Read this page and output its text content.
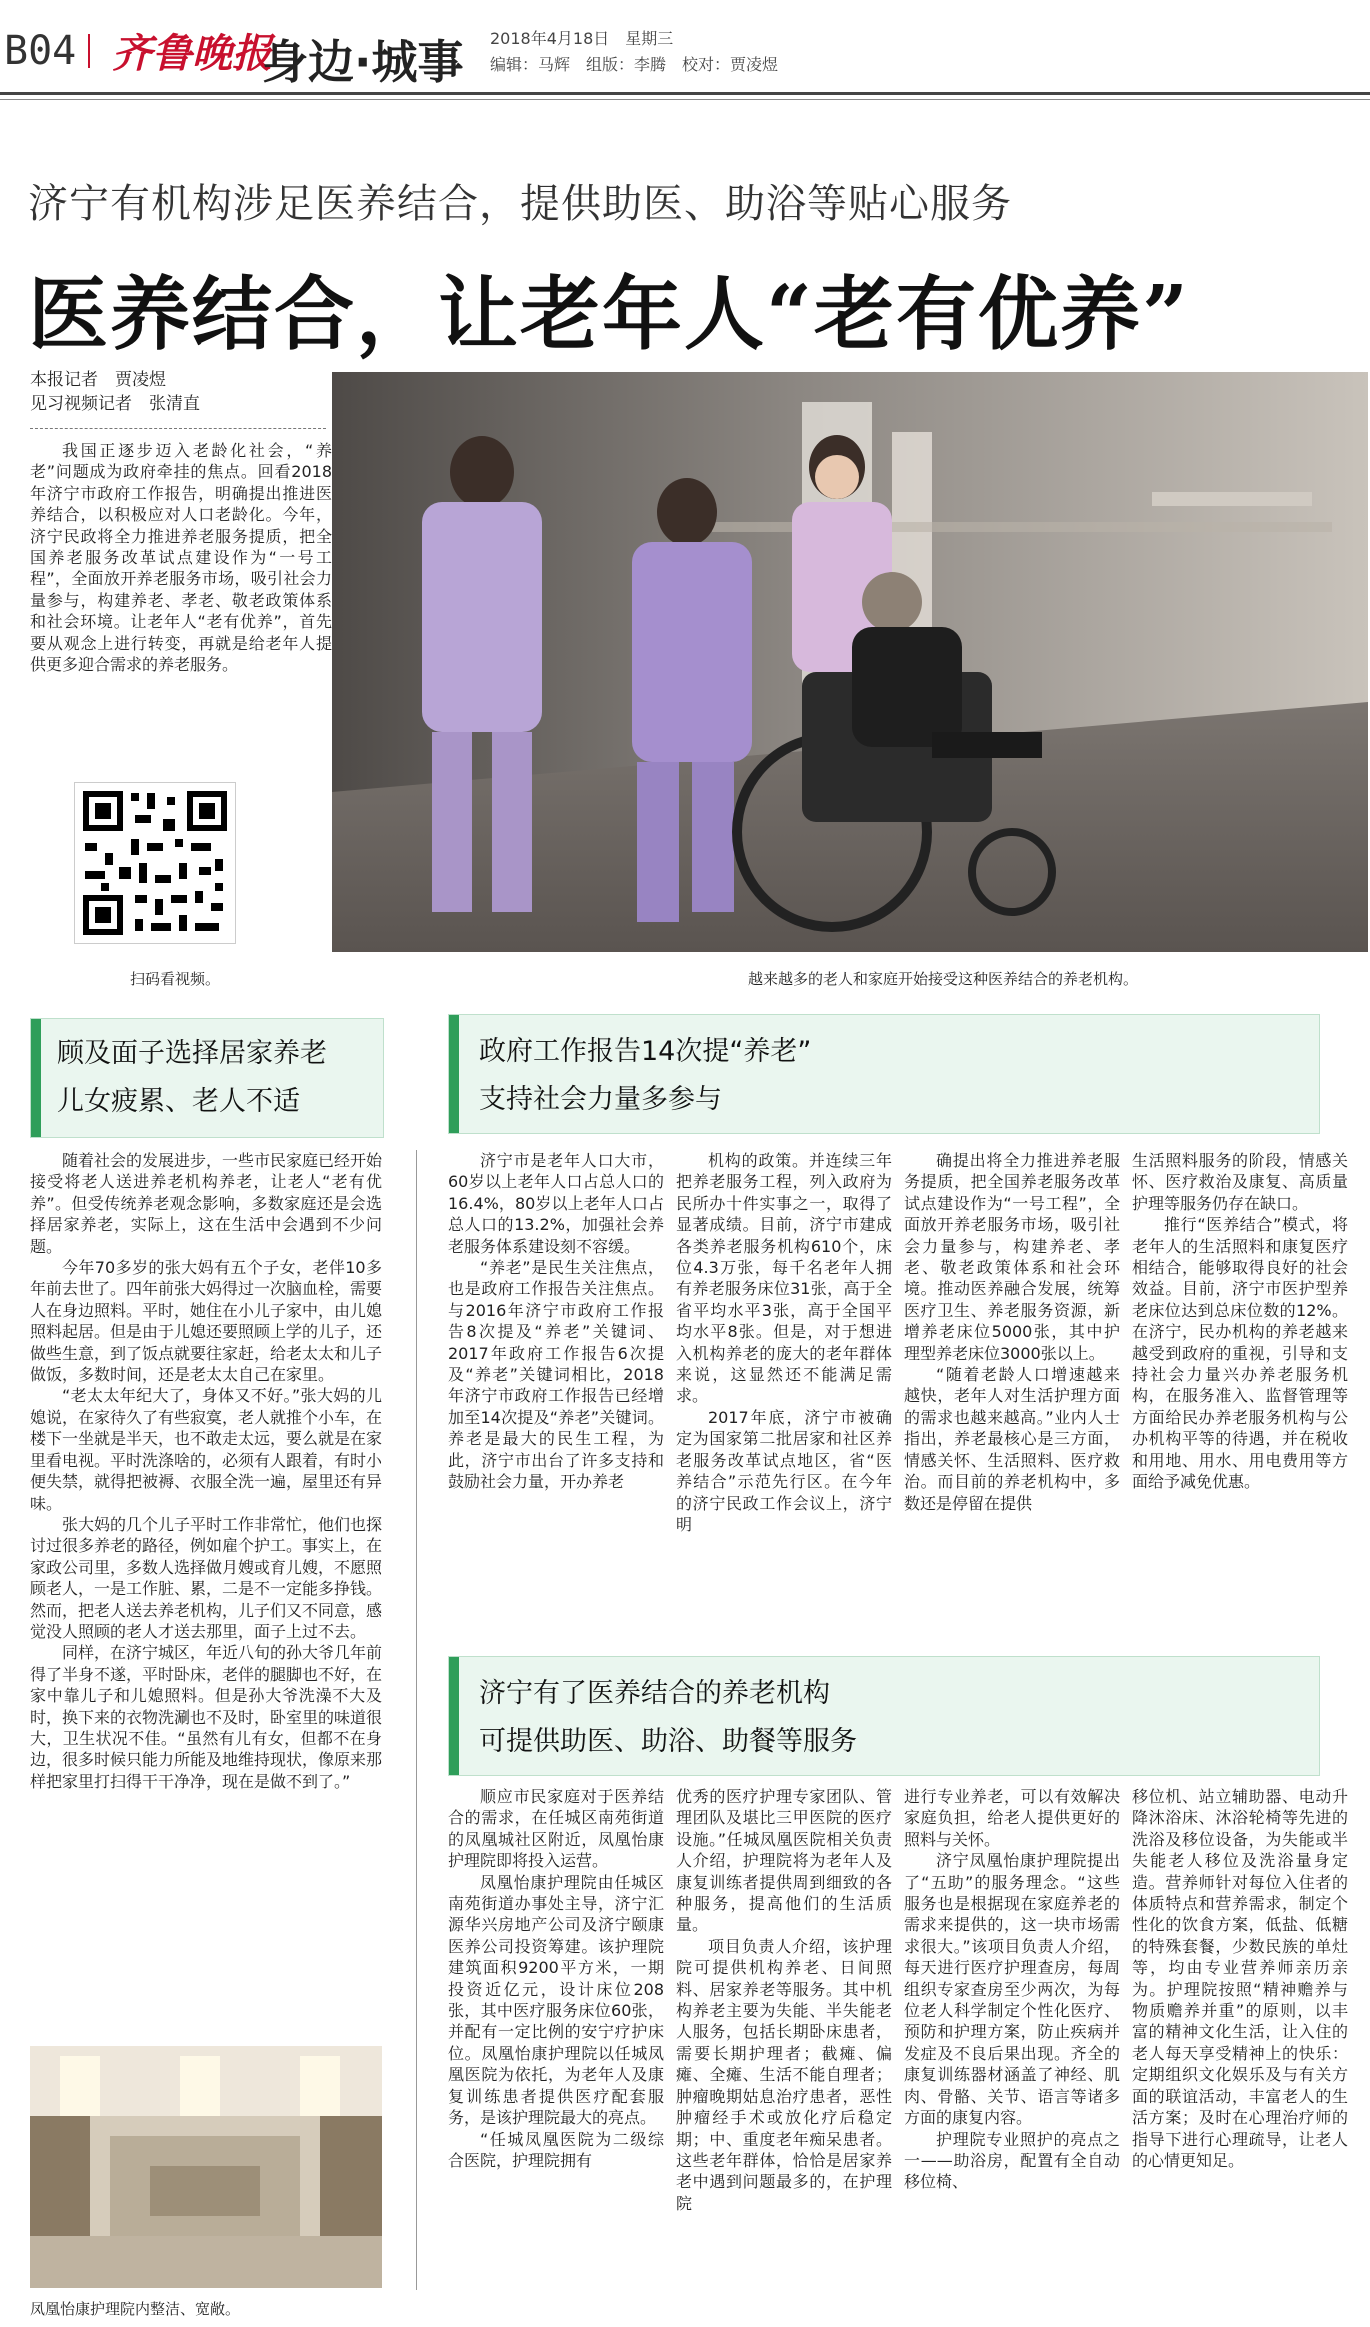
B04 齐鲁晚报
身边·城事 2018年4月18日　星期三
编辑：马辉　组版：李腾　校对：贾凌煜
济宁有机构涉足医养结合，提供助医、助浴等贴心服务
医养结合，让老年人“老有优养”
本报记者　贾凌煜
见习视频记者　张清直
我国正逐步迈入老龄化社会，“养老”问题成为政府牵挂的焦点。回看2018年济宁市政府工作报告，明确提出推进医养结合，以积极应对人口老龄化。今年，济宁民政将全力推进养老服务提质，把全国养老服务改革试点建设作为“一号工程”，全面放开养老服务市场，吸引社会力量参与，构建养老、孝老、敬老政策体系和社会环境。让老年人“老有优养”，首先要从观念上进行转变，再就是给老年人提供更多迎合需求的养老服务。
扫码看视频。	越来越多的老人和家庭开始接受这种医养结合的养老机构。
顾及面子选择居家养老
儿女疲累、老人不适
政府工作报告14次提“养老”
支持社会力量多参与
济宁有了医养结合的养老机构
可提供助医、助浴、助餐等服务

随着社会的发展进步，一些市民家庭已经开始接受将老人送进养老机构养老，让老人“老有优养”。但受传统养老观念影响，多数家庭还是会选择居家养老，实际上，这在生活中会遇到不少问题。

今年70多岁的张大妈有五个子女，老伴10多年前去世了。四年前张大妈得过一次脑血栓，需要人在身边照料。平时，她住在小儿子家中，由儿媳照料起居。但是由于儿媳还要照顾上学的儿子，还做些生意，到了饭点就要往家赶，给老太太和儿子做饭，多数时间，还是老太太自己在家里。

“老太太年纪大了，身体又不好。”张大妈的儿媳说，在家待久了有些寂寞，老人就推个小车，在楼下一坐就是半天，也不敢走太远，要么就是在家里看电视。平时洗涤啥的，必须有人跟着，有时小便失禁，就得把被褥、衣服全洗一遍，屋里还有异味。

张大妈的几个儿子平时工作非常忙，他们也探讨过很多养老的路径，例如雇个护工。事实上，在家政公司里，多数人选择做月嫂或育儿嫂，不愿照顾老人，一是工作脏、累，二是不一定能多挣钱。然而，把老人送去养老机构，儿子们又不同意，感觉没人照顾的老人才送去那里，面子上过不去。

同样，在济宁城区，年近八旬的孙大爷几年前得了半身不遂，平时卧床，老伴的腿脚也不好，在家中靠儿子和儿媳照料。但是孙大爷洗澡不大及时，换下来的衣物洗涮也不及时，卧室里的味道很大，卫生状况不佳。“虽然有儿有女，但都不在身边，很多时候只能力所能及地维持现状，像原来那样把家里打扫得干干净净，现在是做不到了。”

凤凰怡康护理院内整洁、宽敞。

济宁市是老年人口大市，60岁以上老年人口占总人口的16.4%，80岁以上老年人口占总人口的13.2%，加强社会养老服务体系建设刻不容缓。

“养老”是民生关注焦点，也是政府工作报告关注焦点。与2016年济宁市政府工作报告8次提及“养老”关键词、2017年政府工作报告6次提及“养老”关键词相比，2018年济宁市政府工作报告已经增加至14次提及“养老”关键词。养老是最大的民生工程，为此，济宁市出台了许多支持和鼓励社会力量，开办养老

机构的政策。并连续三年把养老服务工程，列入政府为民所办十件实事之一，取得了显著成绩。目前，济宁市建成各类养老服务机构610个，床位4.3万张，每千名老年人拥有养老服务床位31张，高于全省平均水平3张，高于全国平均水平8张。但是，对于想进入机构养老的庞大的老年群体来说，这显然还不能满足需求。

2017年底，济宁市被确定为国家第二批居家和社区养老服务改革试点地区，省“医养结合”示范先行区。在今年的济宁民政工作会议上，济宁明

确提出将全力推进养老服务提质，把全国养老服务改革试点建设作为“一号工程”，全面放开养老服务市场，吸引社会力量参与，构建养老、孝老、敬老政策体系和社会环境。推动医养融合发展，统筹医疗卫生、养老服务资源，新增养老床位5000张，其中护理型养老床位3000张以上。

“随着老龄人口增速越来越快，老年人对生活护理方面的需求也越来越高。”业内人士指出，养老最核心是三方面，情感关怀、生活照料、医疗救治。而目前的养老机构中，多数还是停留在提供

生活照料服务的阶段，情感关怀、医疗救治及康复、高质量护理等服务仍存在缺口。

推行“医养结合”模式，将老年人的生活照料和康复医疗相结合，能够取得良好的社会效益。目前，济宁市医护型养老床位达到总床位数的12%。在济宁，民办机构的养老越来越受到政府的重视，引导和支持社会力量兴办养老服务机构，在服务准入、监督管理等方面给民办养老服务机构与公办机构平等的待遇，并在税收和用地、用水、用电费用等方面给予减免优惠。

顺应市民家庭对于医养结合的需求，在任城区南苑街道的凤凰城社区附近，凤凰怡康护理院即将投入运营。

凤凰怡康护理院由任城区南苑街道办事处主导，济宁汇源华兴房地产公司及济宁颐康医养公司投资筹建。该护理院建筑面积9200平方米，一期投资近亿元，设计床位208张，其中医疗服务床位60张，并配有一定比例的安宁疗护床位。凤凰怡康护理院以任城凤凰医院为依托，为老年人及康复训练患者提供医疗配套服务，是该护理院最大的亮点。

“任城凤凰医院为二级综合医院，护理院拥有

优秀的医疗护理专家团队、管理团队及堪比三甲医院的医疗设施。”任城凤凰医院相关负责人介绍，护理院将为老年人及康复训练者提供周到细致的各种服务，提高他们的生活质量。

项目负责人介绍，该护理院可提供机构养老、日间照料、居家养老等服务。其中机构养老主要为失能、半失能老人服务，包括长期卧床患者，需要长期护理者；截瘫、偏瘫、全瘫、生活不能自理者；肿瘤晚期姑息治疗患者，恶性肿瘤经手术或放化疗后稳定期；中、重度老年痴呆患者。这些老年群体，恰恰是居家养老中遇到问题最多的，在护理院

进行专业养老，可以有效解决家庭负担，给老人提供更好的照料与关怀。

济宁凤凰怡康护理院提出了“五助”的服务理念。“这些服务也是根据现在家庭养老的需求来提供的，这一块市场需求很大。”该项目负责人介绍，每天进行医疗护理查房，每周组织专家查房至少两次，为每位老人科学制定个性化医疗、预防和护理方案，防止疾病并发症及不良后果出现。齐全的康复训练器材涵盖了神经、肌肉、骨骼、关节、语言等诸多方面的康复内容。

护理院专业照护的亮点之一——助浴房，配置有全自动移位椅、

移位机、站立辅助器、电动升降沐浴床、沐浴轮椅等先进的洗浴及移位设备，为失能或半失能老人移位及洗浴量身定造。营养师针对每位入住者的体质特点和营养需求，制定个性化的饮食方案，低盐、低糖的特殊套餐，少数民族的单灶等，均由专业营养师亲历亲为。护理院按照“精神赡养与物质赡养并重”的原则，以丰富的精神文化生活，让入住的老人每天享受精神上的快乐：定期组织文化娱乐及与有关方面的联谊活动，丰富老人的生活方案；及时在心理治疗师的指导下进行心理疏导，让老人的心情更知足。
